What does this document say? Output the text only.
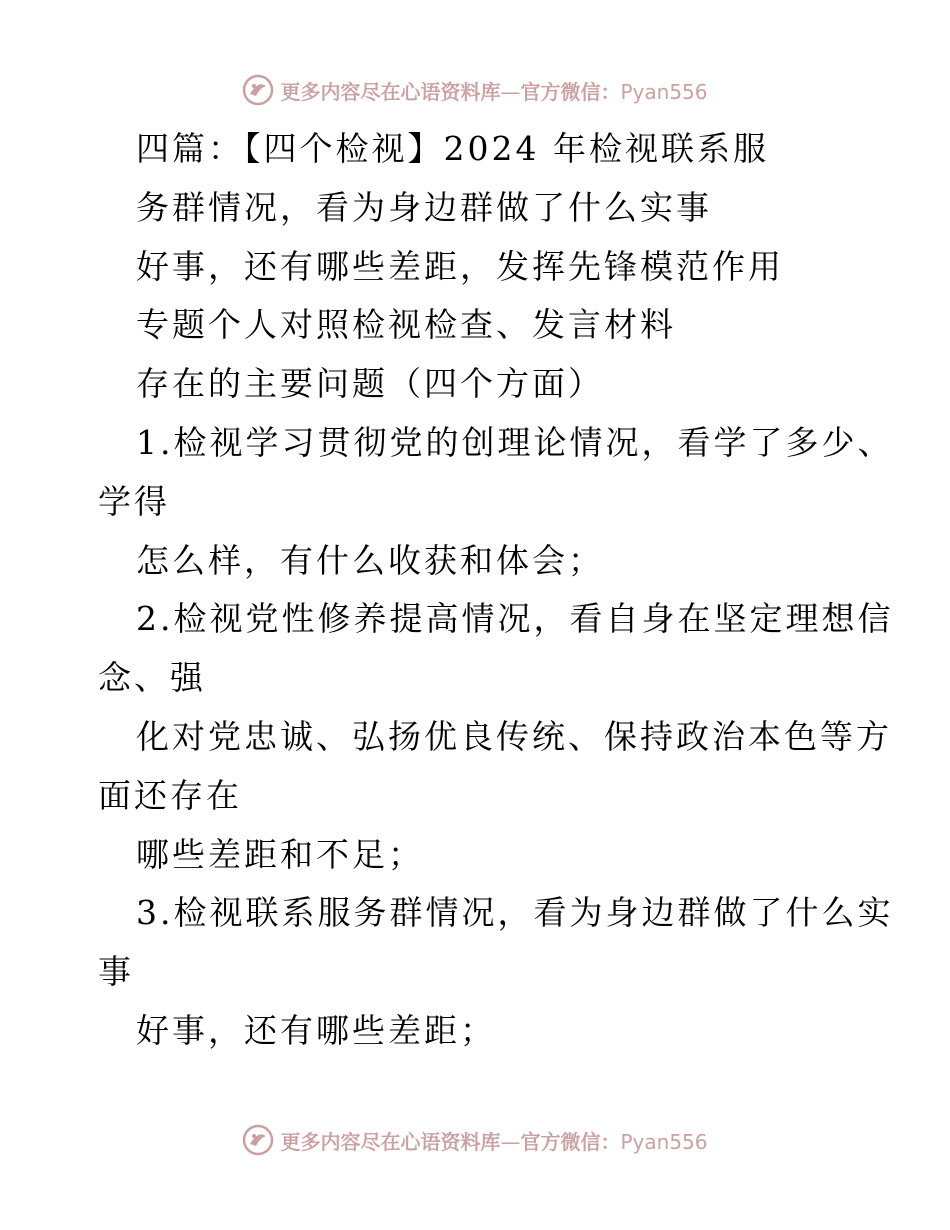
更多内容尽在心语资料库—官方微信：Pyan556
四篇：【四个检视】2024 年检视联系服
务群情况，看为身边群做了什么实事
好事，还有哪些差距，发挥先锋模范作用
专题个人对照检视检查、发言材料
存在的主要问题（四个方面）
1.检视学习贯彻党的创理论情况，看学了多少、
学得
怎么样，有什么收获和体会；
2.检视党性修养提高情况，看自身在坚定理想信
念、强
化对党忠诚、弘扬优良传统、保持政治本色等方
面还存在
哪些差距和不足；
3.检视联系服务群情况，看为身边群做了什么实
事
好事，还有哪些差距；
更多内容尽在心语资料库—官方微信：Pyan556
